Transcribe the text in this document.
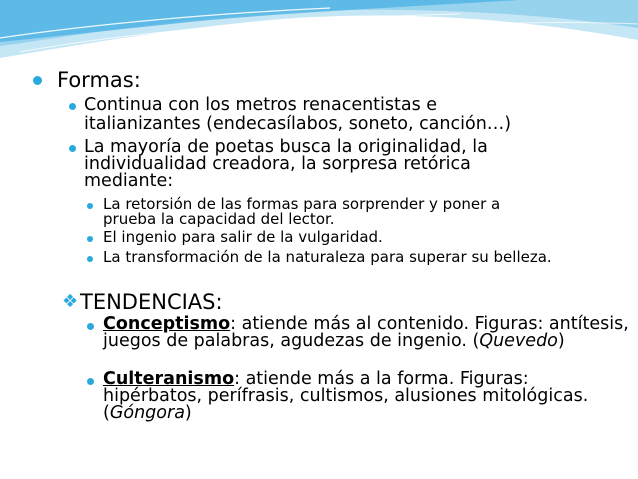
Formas:
Continua con los metros renacentistas e
italianizantes (endecasílabos, soneto, canción…)
La mayoría de poetas busca la originalidad, la
individualidad creadora, la sorpresa retórica
mediante:
La retorsión de las formas para sorprender y poner a
prueba la capacidad del lector.
El ingenio para salir de la vulgaridad.
La transformación de la naturaleza para superar su belleza.
❖ TENDENCIAS:
Conceptismo: atiende más al contenido. Figuras: antítesis,
juegos de palabras, agudezas de ingenio. (Quevedo)
Culteranismo: atiende más a la forma. Figuras:
hipérbatos, perífrasis, cultismos, alusiones mitológicas.
(Góngora)
